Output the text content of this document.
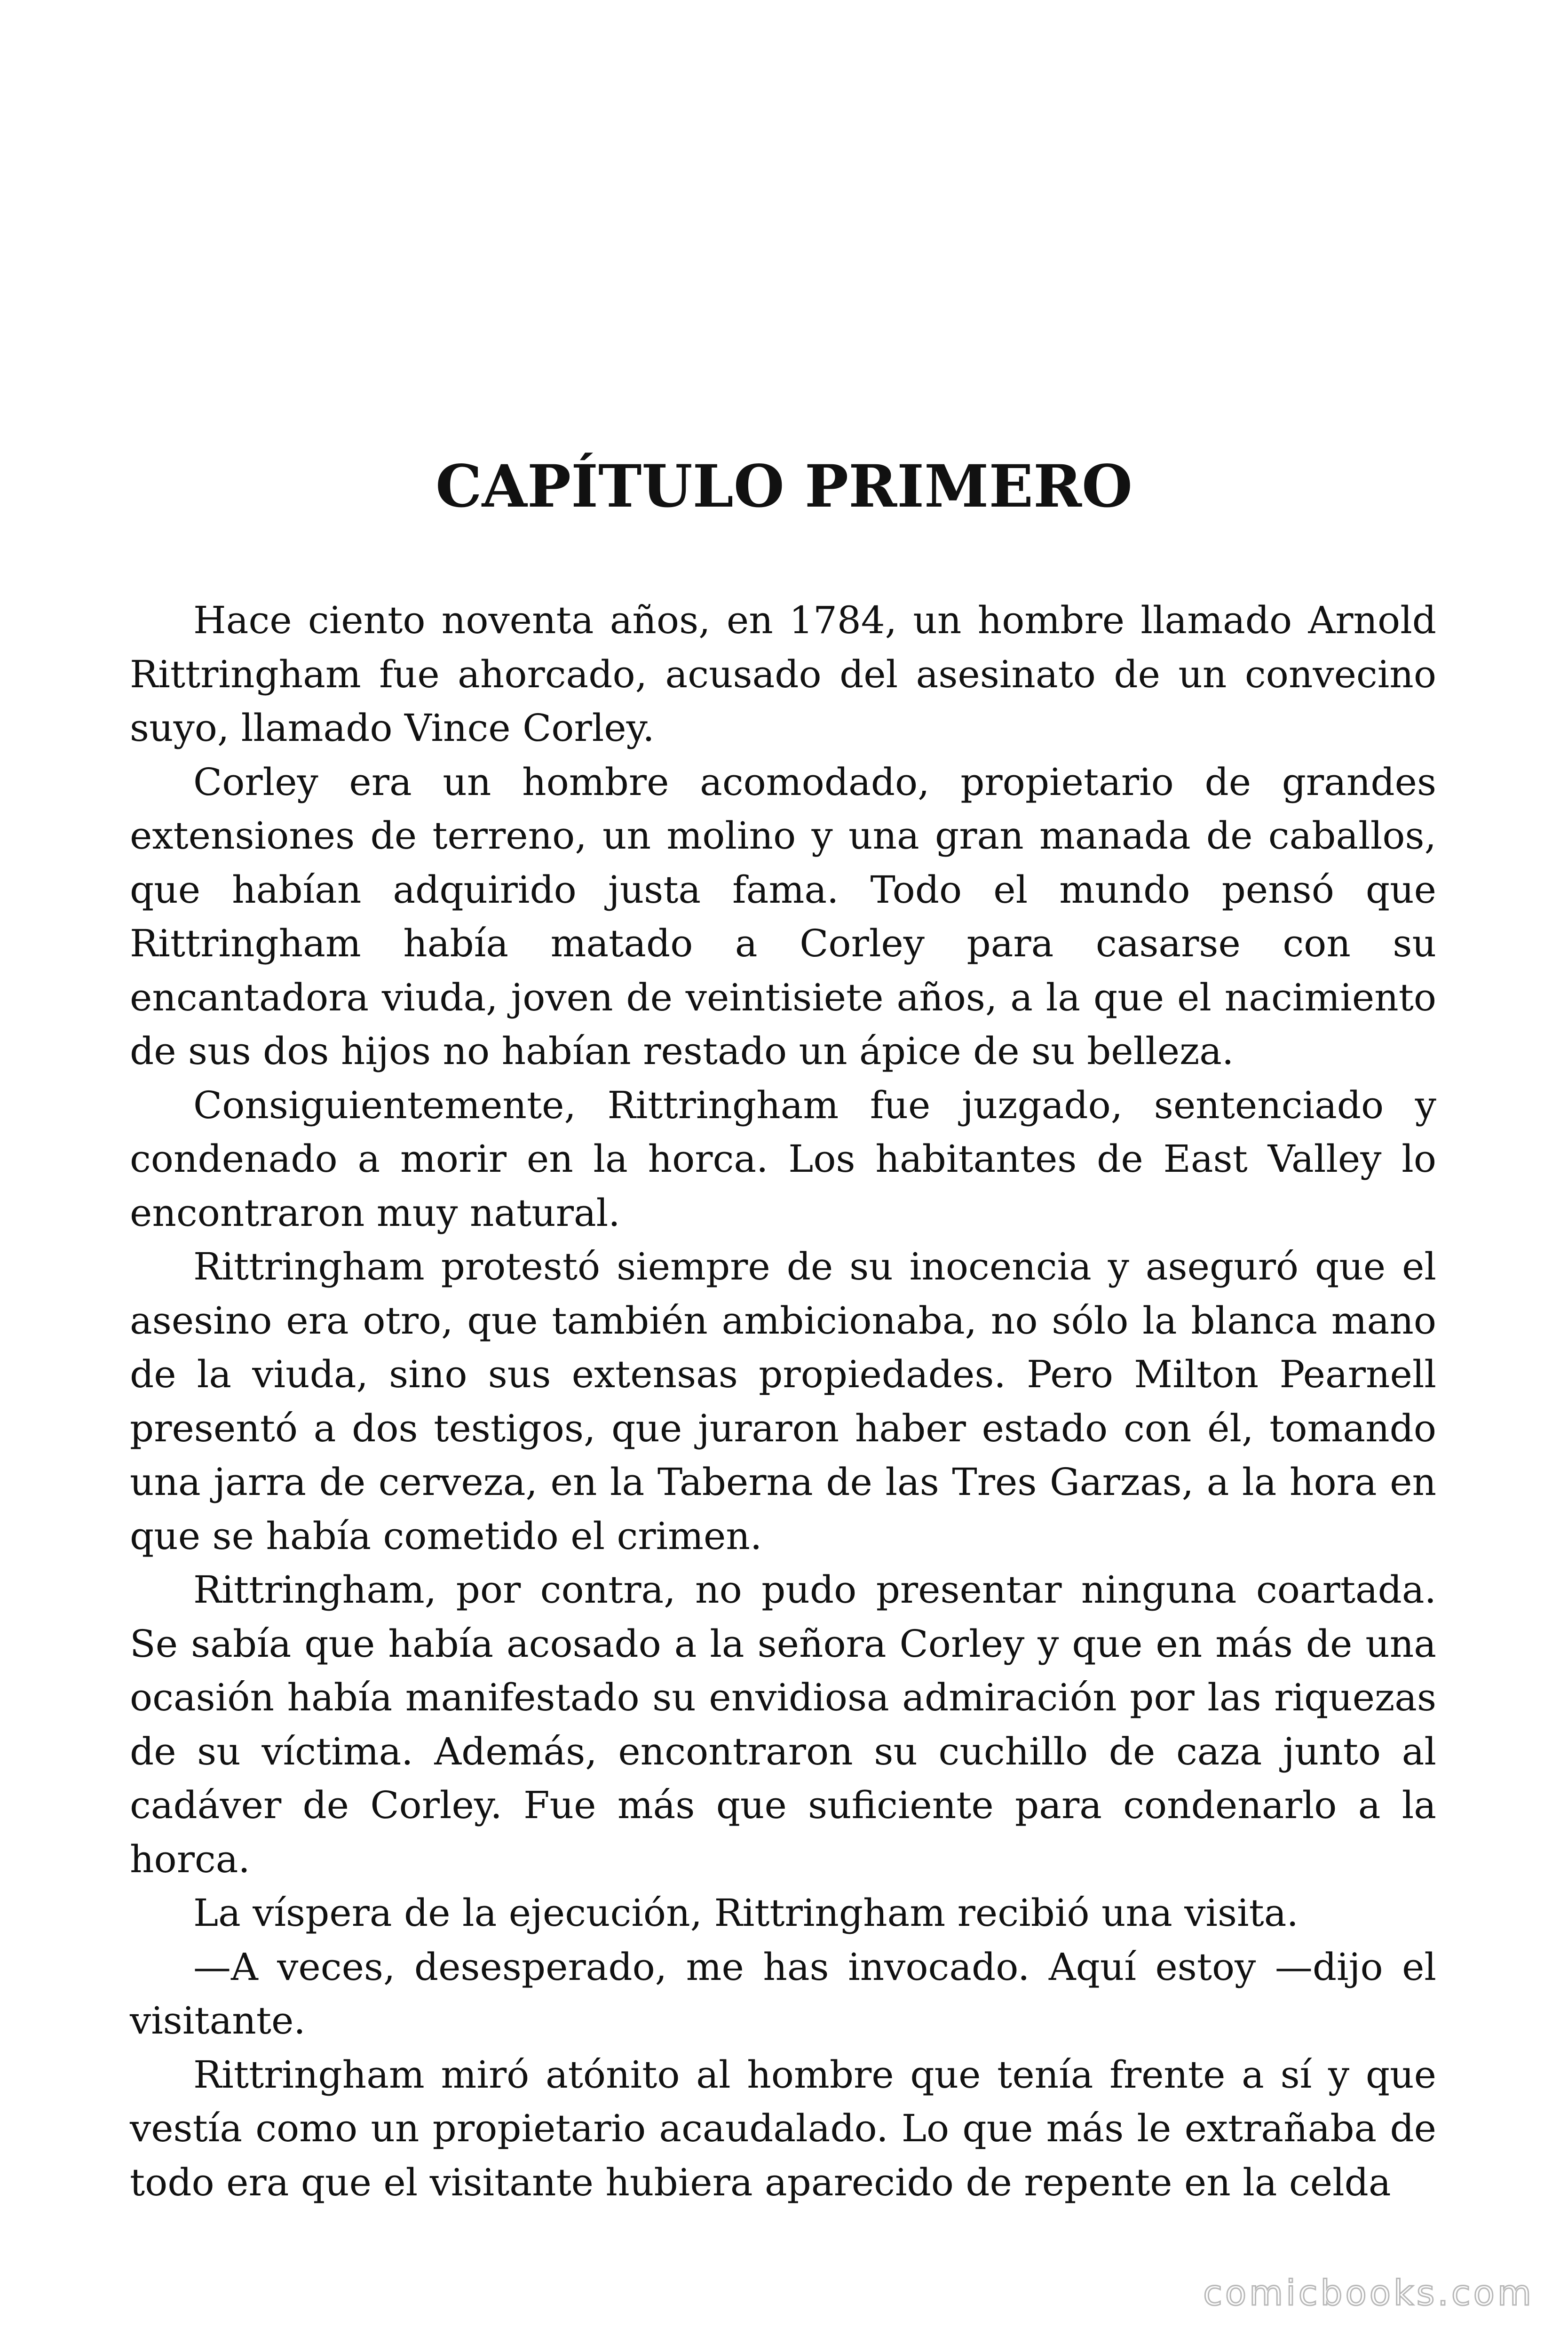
CAPÍTULO PRIMERO

Hace ciento noventa años, en 1784, un hombre llamado Arnold Rittringham fue ahorcado, acusado del asesinato de un convecino suyo, llamado Vince Corley.

Corley era un hombre acomodado, propietario de grandes extensiones de terreno, un molino y una gran manada de caballos, que habían adquirido justa fama. Todo el mundo pensó que Rittringham había matado a Corley para casarse con su encantadora viuda, joven de veintisiete años, a la que el nacimiento de sus dos hijos no habían restado un ápice de su belleza.

Consiguientemente, Rittringham fue juzgado, sentenciado y condenado a morir en la horca. Los habitantes de East Valley lo encontraron muy natural.

Rittringham protestó siempre de su inocencia y aseguró que el asesino era otro, que también ambicionaba, no sólo la blanca mano de la viuda, sino sus extensas propiedades. Pero Milton Pearnell presentó a dos testigos, que juraron haber estado con él, tomando una jarra de cerveza, en la Taberna de las Tres Garzas, a la hora en que se había cometido el crimen.

Rittringham, por contra, no pudo presentar ninguna coartada. Se sabía que había acosado a la señora Corley y que en más de una ocasión había manifestado su envidiosa admiración por las riquezas de su víctima. Además, encontraron su cuchillo de caza junto al cadáver de Corley. Fue más que suficiente para condenarlo a la horca.

La víspera de la ejecución, Rittringham recibió una visita.

—A veces, desesperado, me has invocado. Aquí estoy —dijo el visitante.

Rittringham miró atónito al hombre que tenía frente a sí y que vestía como un propietario acaudalado. Lo que más le extrañaba de todo era que el visitante hubiera aparecido de repente en la celda

comicbooks.com
